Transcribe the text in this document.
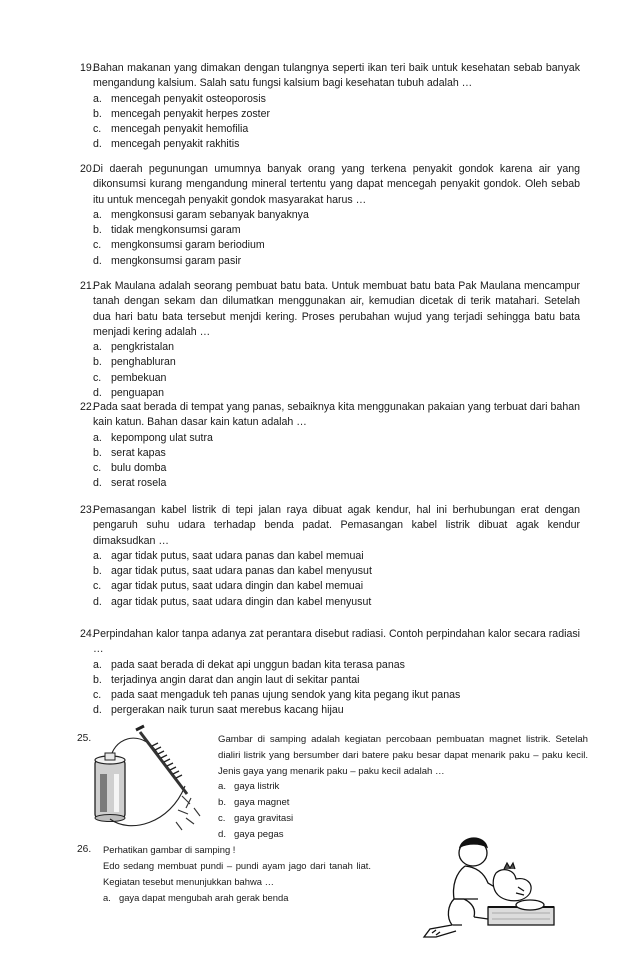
19.
Bahan makanan yang dimakan dengan tulangnya seperti ikan teri baik untuk kesehatan sebab banyak mengandung kalsium. Salah satu fungsi kalsium bagi kesehatan tubuh adalah …
a. mencegah penyakit osteoporosis
b. mencegah penyakit herpes zoster
c. mencegah penyakit hemofilia
d. mencegah penyakit rakhitis
20.
Di daerah pegunungan umumnya banyak orang yang terkena penyakit gondok karena air yang dikonsumsi kurang mengandung mineral tertentu yang dapat mencegah penyakit gondok. Oleh sebab itu untuk mencegah penyakit gondok masyarakat harus …
a. mengkonsusi garam sebanyak banyaknya
b. tidak mengkonsumsi garam
c. mengkonsumsi garam beriodium
d. mengkonsumsi garam pasir
21.
Pak Maulana adalah seorang pembuat batu bata. Untuk membuat batu bata Pak Maulana mencampur tanah dengan sekam dan dilumatkan menggunakan air, kemudian dicetak di terik matahari. Setelah dua hari batu bata tersebut menjdi kering. Proses perubahan wujud yang terjadi sehingga batu bata menjadi kering adalah …
a. pengkristalan
b. penghabluran
c. pembekuan
d. penguapan
22.
Pada saat berada di tempat yang panas, sebaiknya kita menggunakan pakaian yang terbuat dari bahan kain katun. Bahan dasar kain katun adalah …
a. kepompong ulat sutra
b. serat kapas
c. bulu domba
d. serat rosela
23.
Pemasangan kabel listrik di tepi jalan raya dibuat agak kendur, hal ini berhubungan erat dengan pengaruh suhu udara terhadap benda padat. Pemasangan kabel listrik dibuat agak kendur dimaksudkan …
a. agar tidak putus, saat udara panas dan kabel memuai
b. agar tidak putus, saat udara panas dan kabel menyusut
c. agar tidak putus, saat udara dingin dan kabel memuai
d. agar tidak putus, saat udara dingin dan kabel menyusut
24.
Perpindahan kalor tanpa adanya zat perantara disebut radiasi. Contoh perpindahan kalor secara radiasi …
a. pada saat berada di dekat api unggun badan kita terasa panas
b. terjadinya angin darat dan angin laut di sekitar pantai
c. pada saat mengaduk teh panas ujung sendok yang kita pegang ikut panas
d. pergerakan naik turun saat merebus kacang hijau
25.	Gambar di samping adalah kegiatan percobaan pembuatan magnet listrik. Setelah dialiri listrik yang bersumber dari batere paku besar dapat menarik paku – paku kecil. Jenis gaya yang menarik paku – paku kecil adalah …
a. gaya listrik
b. gaya magnet
c. gaya gravitasi
d. gaya pegas
26. Perhatikan gambar di samping !
Edo sedang membuat pundi – pundi ayam jago dari tanah liat.
Kegiatan tesebut menunjukkan bahwa …
a. gaya dapat mengubah arah gerak benda
